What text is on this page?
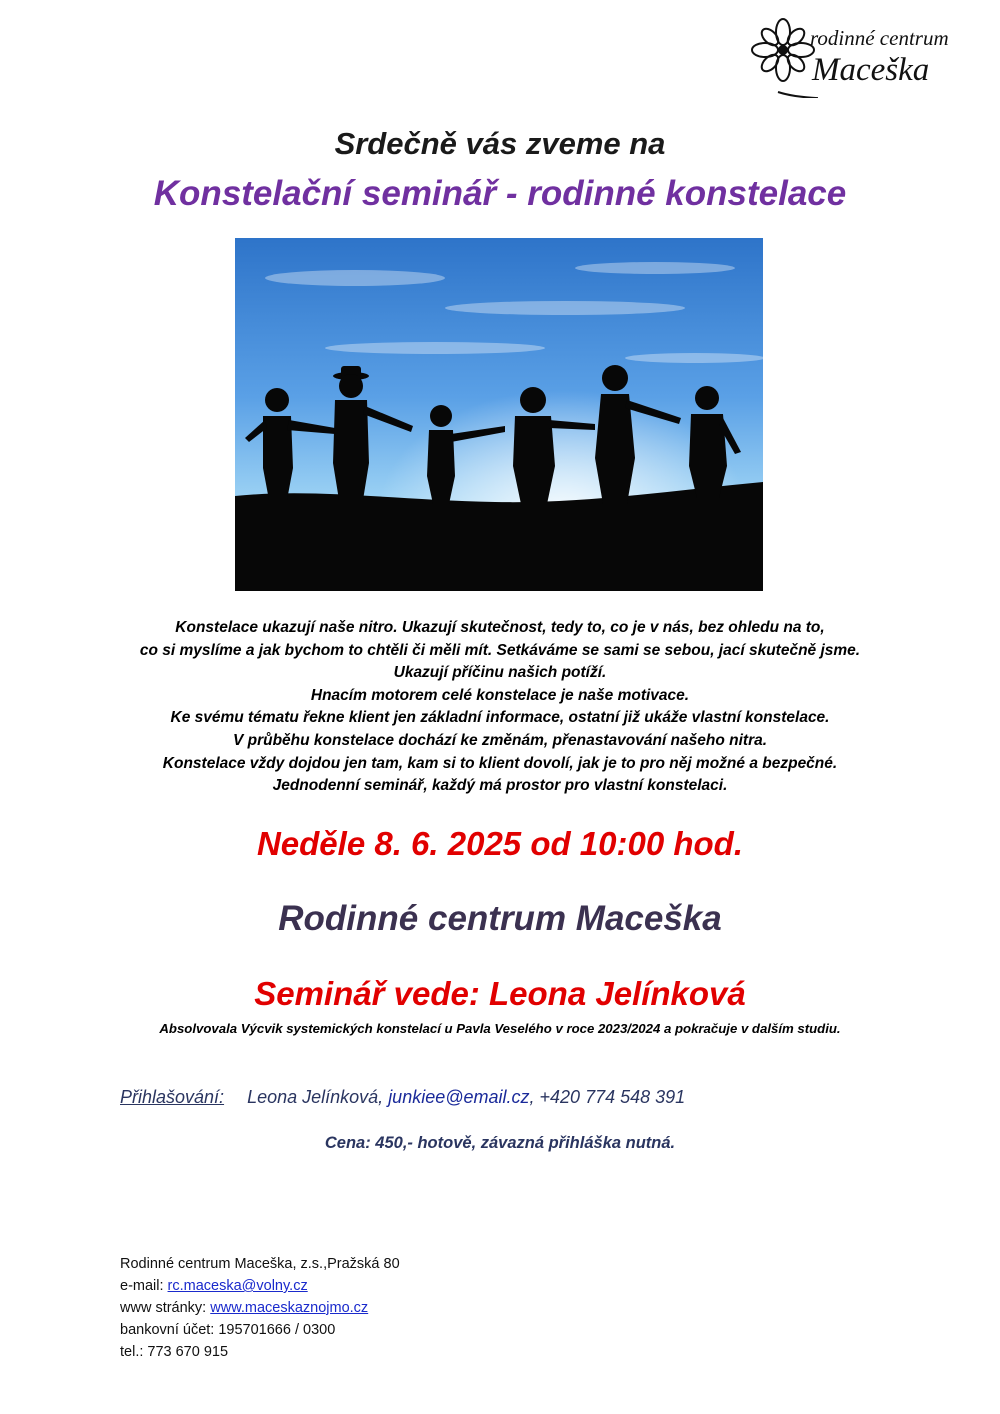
rodinné centrum
Maceška
Srdečně vás zveme na
Konstelační seminář - rodinné konstelace
Konstelace ukazují naše nitro. Ukazují skutečnost, tedy to, co je v nás, bez ohledu na to,
co si myslíme a jak bychom to chtěli či měli mít. Setkáváme se sami se sebou, jací skutečně jsme.
Ukazují příčinu našich potíží.
Hnacím motorem celé konstelace je naše motivace.
Ke svému tématu řekne klient jen základní informace, ostatní již ukáže vlastní konstelace.
V průběhu konstelace dochází ke změnám, přenastavování našeho nitra.
Konstelace vždy dojdou jen tam, kam si to klient dovolí, jak je to pro něj možné a bezpečné.
Jednodenní seminář, každý má prostor pro vlastní konstelaci.
Neděle 8. 6. 2025 od 10:00 hod.
Rodinné centrum Maceška
Seminář vede: Leona Jelínková
Absolvovala Výcvik systemických konstelací u Pavla Veselého v roce 2023/2024 a pokračuje v dalším studiu.
Přihlašování: Leona Jelínková, junkiee@email.cz, +420 774 548 391
Cena: 450,- hotově, závazná přihláška nutná.
Rodinné centrum Maceška, z.s.,Pražská 80
e-mail: rc.maceska@volny.cz
www stránky: www.maceskaznojmo.cz
bankovní účet: 195701666 / 0300
tel.: 773 670 915
